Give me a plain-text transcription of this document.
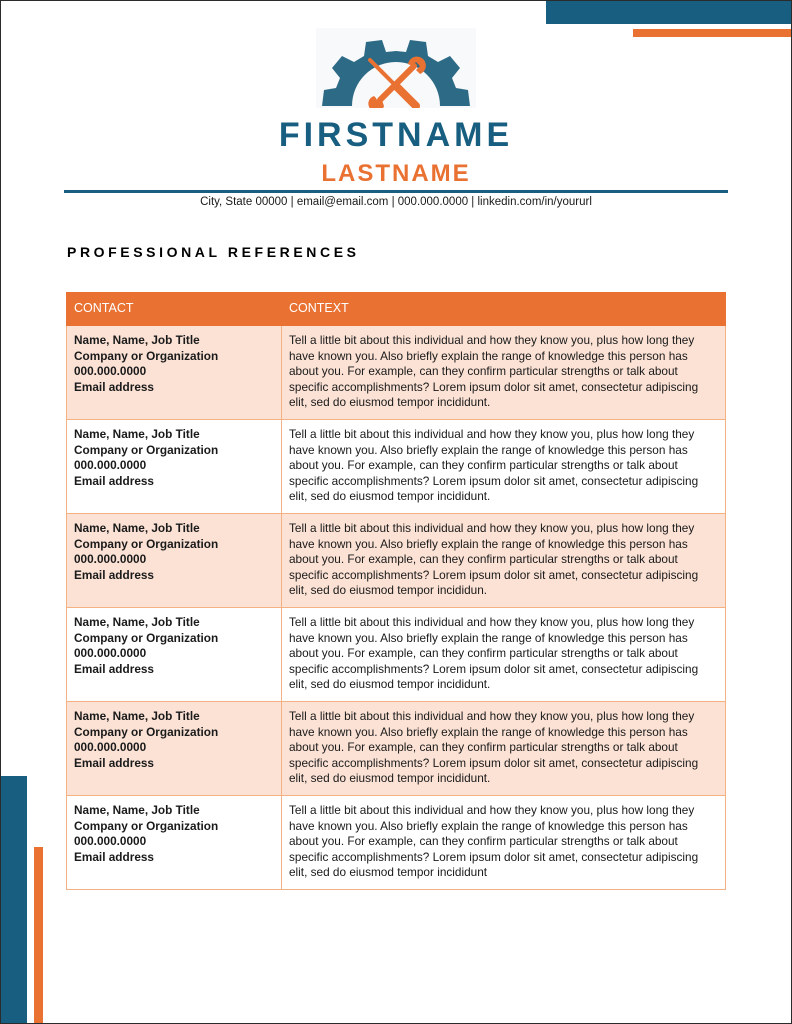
FIRSTNAME
LASTNAME
City, State 00000 | email@email.com | 000.000.0000 | linkedin.com/in/yoururl
PROFESSIONAL REFERENCES
CONTACT	CONTEXT

Name, Name, Job Title
Company or Organization
000.000.0000
Email address
	Tell a little bit about this individual and how they know you, plus how long they have known you. Also briefly explain the range of knowledge this person has about you. For example, can they confirm particular strengths or talk about specific accomplishments? Lorem ipsum dolor sit amet, consectetur adipiscing elit, sed do eiusmod tempor incididunt.

Name, Name, Job Title
Company or Organization
000.000.0000
Email address
	Tell a little bit about this individual and how they know you, plus how long they have known you. Also briefly explain the range of knowledge this person has about you. For example, can they confirm particular strengths or talk about specific accomplishments? Lorem ipsum dolor sit amet, consectetur adipiscing elit, sed do eiusmod tempor incididunt.

Name, Name, Job Title
Company or Organization
000.000.0000
Email address
	Tell a little bit about this individual and how they know you, plus how long they have known you. Also briefly explain the range of knowledge this person has about you. For example, can they confirm particular strengths or talk about specific accomplishments? Lorem ipsum dolor sit amet, consectetur adipiscing elit, sed do eiusmod tempor incididun.

Name, Name, Job Title
Company or Organization
000.000.0000
Email address
	Tell a little bit about this individual and how they know you, plus how long they have known you. Also briefly explain the range of knowledge this person has about you. For example, can they confirm particular strengths or talk about specific accomplishments? Lorem ipsum dolor sit amet, consectetur adipiscing elit, sed do eiusmod tempor incididunt.

Name, Name, Job Title
Company or Organization
000.000.0000
Email address
	Tell a little bit about this individual and how they know you, plus how long they have known you. Also briefly explain the range of knowledge this person has about you. For example, can they confirm particular strengths or talk about specific accomplishments? Lorem ipsum dolor sit amet, consectetur adipiscing elit, sed do eiusmod tempor incididunt.

Name, Name, Job Title
Company or Organization
000.000.0000
Email address
	Tell a little bit about this individual and how they know you, plus how long they have known you. Also briefly explain the range of knowledge this person has about you. For example, can they confirm particular strengths or talk about specific accomplishments? Lorem ipsum dolor sit amet, consectetur adipiscing elit, sed do eiusmod tempor incididunt
